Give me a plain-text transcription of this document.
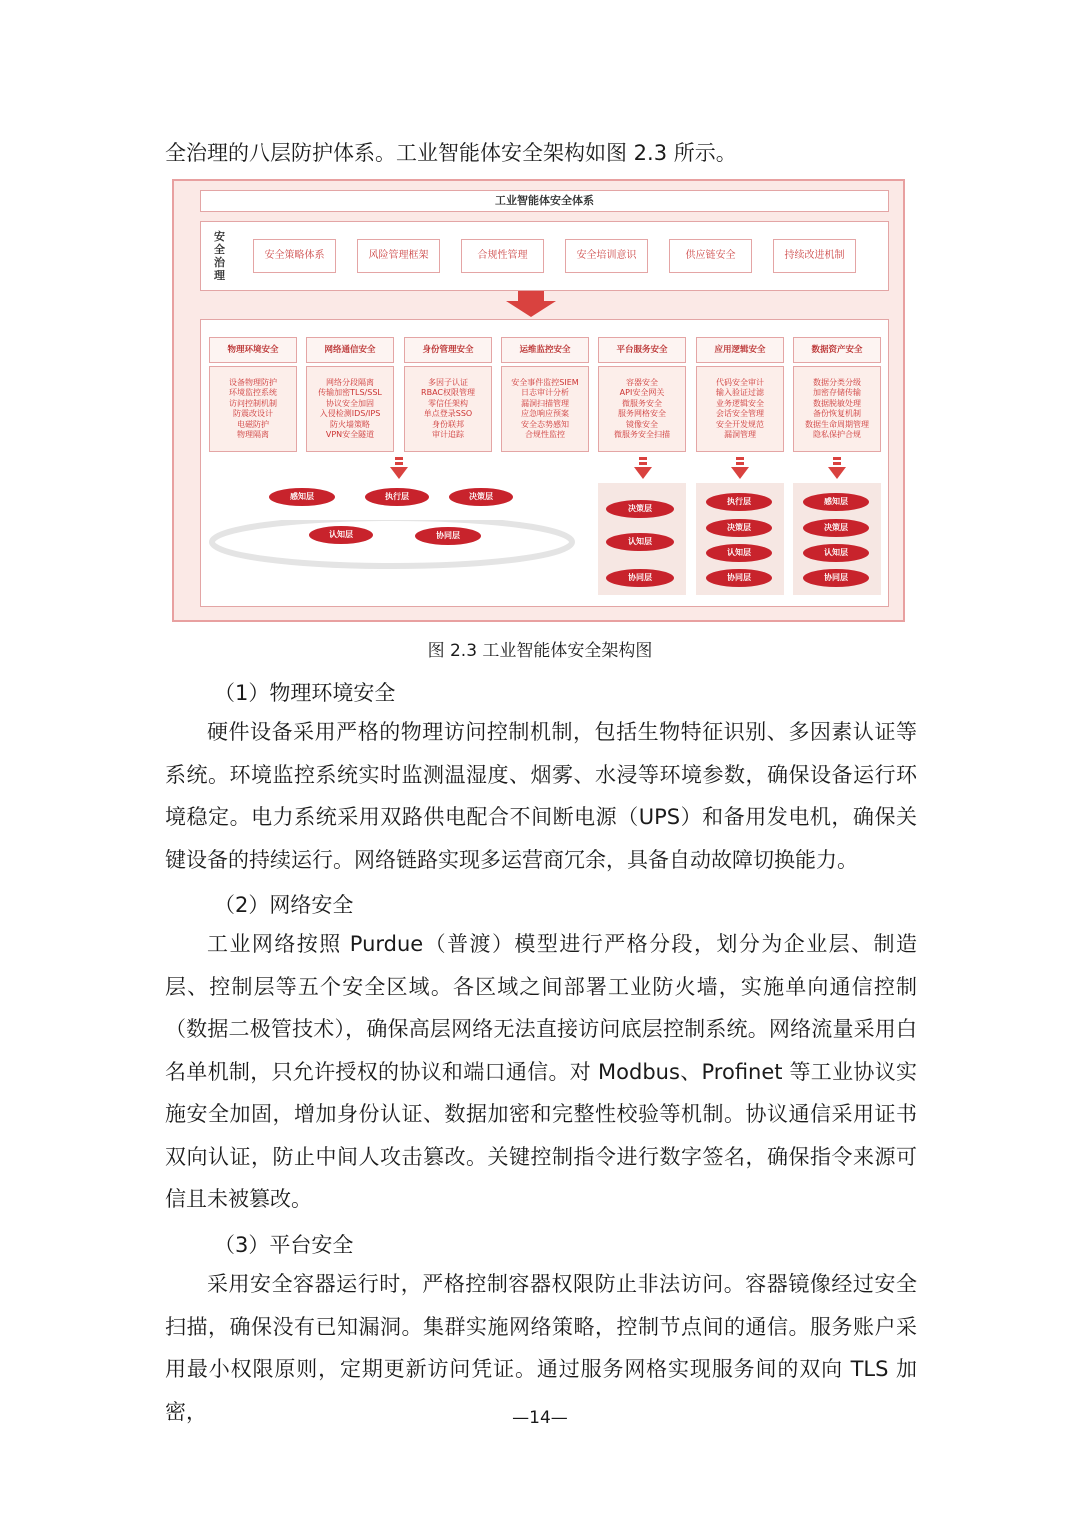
全治理的八层防护体系。工业智能体安全架构如图 2.3 所示。

工业智能体安全体系
安全治理
安全策略体系	风险管理框架	合规性管理	安全培训意识	供应链安全	持续改进机制
物理环境安全
设备物理防护
环境监控系统
访问控制机制
防震改设计
电磁防护
物理隔离
网络通信安全
网络分段隔离
传输加密TLS/SSL
协议安全加固
入侵检测IDS/IPS
防火墙策略
VPN安全隧道
身份管理安全
多因子认证
RBAC权限管理
零信任架构
单点登录SSO
身份联邦
审计追踪
运维监控安全
安全事件监控SIEM
日志审计分析
漏洞扫描管理
应急响应预案
安全态势感知
合规性监控
平台服务安全
容器安全
API安全网关
微服务安全
服务网格安全
镜像安全
微服务安全扫描
应用逻辑安全
代码安全审计
输入验证过滤
业务逻辑安全
会话安全管理
安全开发规范
漏洞管理
数据资产安全
数据分类分级
加密存储传输
数据脱敏处理
备份恢复机制
数据生命周期管理
隐私保护合规
感知层	执行层	决策层
认知层	协同层
决策层
认知层
协同层
执行层
决策层
认知层
协同层
感知层
决策层
认知层
协同层
图 2.3 工业智能体安全架构图

（1）物理环境安全

硬件设备采用严格的物理访问控制机制，包括生物特征识别、多因素认证等系统。环境监控系统实时监测温湿度、烟雾、水浸等环境参数，确保设备运行环境稳定。电力系统采用双路供电配合不间断电源（UPS）和备用发电机，确保关键设备的持续运行。网络链路实现多运营商冗余，具备自动故障切换能力。

（2）网络安全

工业网络按照 Purdue（普渡）模型进行严格分段，划分为企业层、制造层、控制层等五个安全区域。各区域之间部署工业防火墙，实施单向通信控制（数据二极管技术），确保高层网络无法直接访问底层控制系统。网络流量采用白名单机制，只允许授权的协议和端口通信。对 Modbus、Profinet 等工业协议实施安全加固，增加身份认证、数据加密和完整性校验等机制。协议通信采用证书双向认证，防止中间人攻击篡改。关键控制指令进行数字签名，确保指令来源可信且未被篡改。

（3）平台安全

采用安全容器运行时，严格控制容器权限防止非法访问。容器镜像经过安全扫描，确保没有已知漏洞。集群实施网络策略，控制节点间的通信。服务账户采用最小权限原则，定期更新访问凭证。通过服务网格实现服务间的双向 TLS 加密，	—14—
